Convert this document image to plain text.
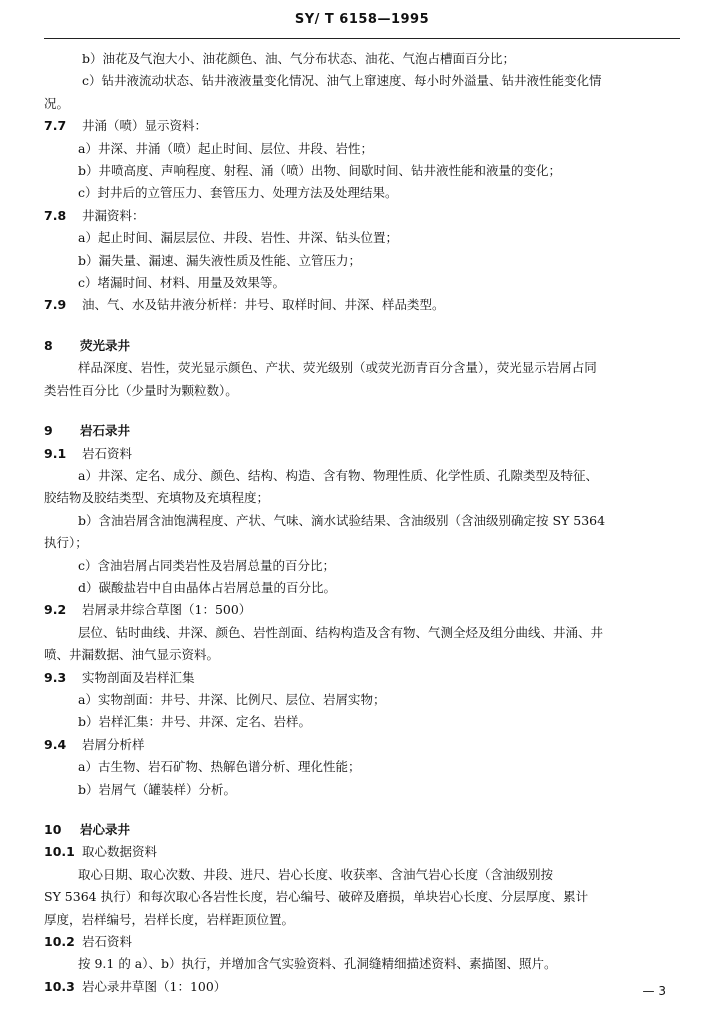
SY/ T 6158—1995

b）油花及气泡大小、油花颜色、油、气分布状态、油花、气泡占槽面百分比；

c）钻井液流动状态、钻井液液量变化情况、油气上窜速度、每小时外溢量、钻井液性能变化情

况。

7.7 井涌（喷）显示资料：

a）井深、井涌（喷）起止时间、层位、井段、岩性；

b）井喷高度、声响程度、射程、涌（喷）出物、间歇时间、钻井液性能和液量的变化；

c）封井后的立管压力、套管压力、处理方法及处理结果。

7.8 井漏资料：

a）起止时间、漏层层位、井段、岩性、井深、钻头位置；

b）漏失量、漏速、漏失液性质及性能、立管压力；

c）堵漏时间、材料、用量及效果等。

7.9 油、气、水及钻井液分析样：井号、取样时间、井深、样品类型。

8 荧光录井

样品深度、岩性，荧光显示颜色、产状、荧光级别（或荧光沥青百分含量），荧光显示岩屑占同

类岩性百分比（少量时为颗粒数）。

9 岩石录井

9.1 岩石资料

a）井深、定名、成分、颜色、结构、构造、含有物、物理性质、化学性质、孔隙类型及特征、

胶结物及胶结类型、充填物及充填程度；

b）含油岩屑含油饱满程度、产状、气味、滴水试验结果、含油级别（含油级别确定按 SY 5364

执行）；

c）含油岩屑占同类岩性及岩屑总量的百分比；

d）碳酸盐岩中自由晶体占岩屑总量的百分比。

9.2 岩屑录井综合草图（1：500）

层位、钻时曲线、井深、颜色、岩性剖面、结构构造及含有物、气测全烃及组分曲线、井涌、井

喷、井漏数据、油气显示资料。

9.3 实物剖面及岩样汇集

a）实物剖面：井号、井深、比例尺、层位、岩屑实物；

b）岩样汇集：井号、井深、定名、岩样。

9.4 岩屑分析样

a）古生物、岩石矿物、热解色谱分析、理化性能；

b）岩屑气（罐装样）分析。

10 岩心录井

10.1 取心数据资料

取心日期、取心次数、井段、进尺、岩心长度、收获率、含油气岩心长度（含油级别按

SY 5364 执行）和每次取心各岩性长度，岩心编号、破碎及磨损，单块岩心长度、分层厚度、累计

厚度，岩样编号，岩样长度，岩样距顶位置。

10.2 岩石资料

按 9.1 的 a）、b）执行，并增加含气实验资料、孔洞缝精细描述资料、素描图、照片。

10.3 岩心录井草图（1：100）	— 3
